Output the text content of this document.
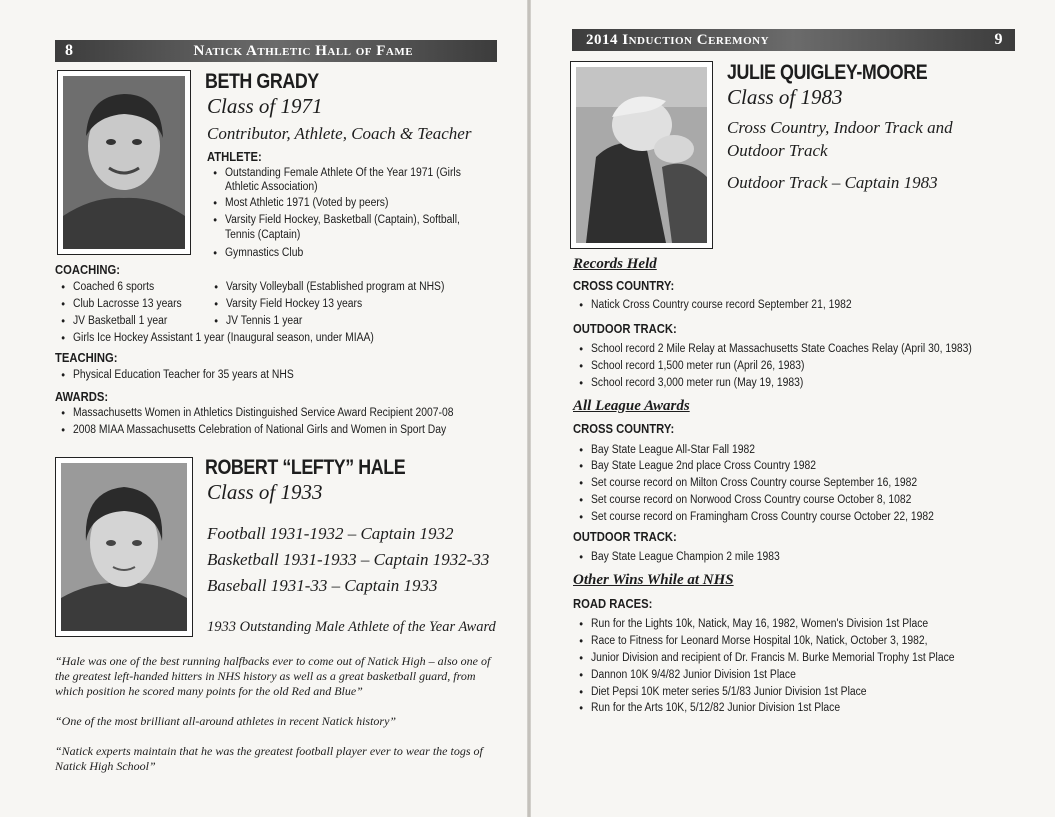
8	Natick Athletic Hall of Fame
BETH GRADY
Class of 1971
Contributor, Athlete, Coach & Teacher
ATHLETE:
• Outstanding Female Athlete Of the Year 1971 (Girls
Athletic Association)
• Most Athletic 1971 (Voted by peers)
• Varsity Field Hockey, Basketball (Captain), Softball,
Tennis (Captain)
• Gymnastics Club
COACHING:
• Coached 6 sports	• Varsity Volleyball (Established program at NHS)
• Club Lacrosse 13 years	• Varsity Field Hockey 13 years
• JV Basketball 1 year	• JV Tennis 1 year
• Girls Ice Hockey Assistant 1 year (Inaugural season, under MIAA)
TEACHING:
• Physical Education Teacher for 35 years at NHS
AWARDS:
• Massachusetts Women in Athletics Distinguished Service Award Recipient 2007-08
• 2008 MIAA Massachusetts Celebration of National Girls and Women in Sport Day
ROBERT “LEFTY” HALE
Class of 1933
Football 1931-1932 – Captain 1932
Basketball 1931-1933 – Captain 1932-33
Baseball 1931-33 – Captain 1933
1933 Outstanding Male Athlete of the Year Award
“Hale was one of the best running halfbacks ever to come out of Natick High – also one of the greatest left-handed hitters in NHS history as well as a great basketball guard, from which position he scored many points for the old Red and Blue”
“One of the most brilliant all-around athletes in recent Natick history”
“Natick experts maintain that he was the greatest football player ever to wear the togs of Natick High School”
2014 Induction Ceremony	9
JULIE QUIGLEY-MOORE
Class of 1983
Cross Country, Indoor Track and
Outdoor Track
Outdoor Track – Captain 1983
Records Held
CROSS COUNTRY:
• Natick Cross Country course record September 21, 1982
OUTDOOR TRACK:
• School record 2 Mile Relay at Massachusetts State Coaches Relay (April 30, 1983)
• School record 1,500 meter run (April 26, 1983)
• School record 3,000 meter run (May 19, 1983)
All League Awards
CROSS COUNTRY:
• Bay State League All-Star Fall 1982
• Bay State League 2nd place Cross Country 1982
• Set course record on Milton Cross Country course September 16, 1982
• Set course record on Norwood Cross Country course October 8, 1082
• Set course record on Framingham Cross Country course October 22, 1982
OUTDOOR TRACK:
• Bay State League Champion 2 mile 1983
Other Wins While at NHS
ROAD RACES:
• Run for the Lights 10k, Natick, May 16, 1982, Women's Division 1st Place
• Race to Fitness for Leonard Morse Hospital 10k, Natick, October 3, 1982,
• Junior Division and recipient of Dr. Francis M. Burke Memorial Trophy 1st Place
• Dannon 10K 9/4/82 Junior Division 1st Place
• Diet Pepsi 10K meter series 5/1/83 Junior Division 1st Place
• Run for the Arts 10K, 5/12/82 Junior Division 1st Place
